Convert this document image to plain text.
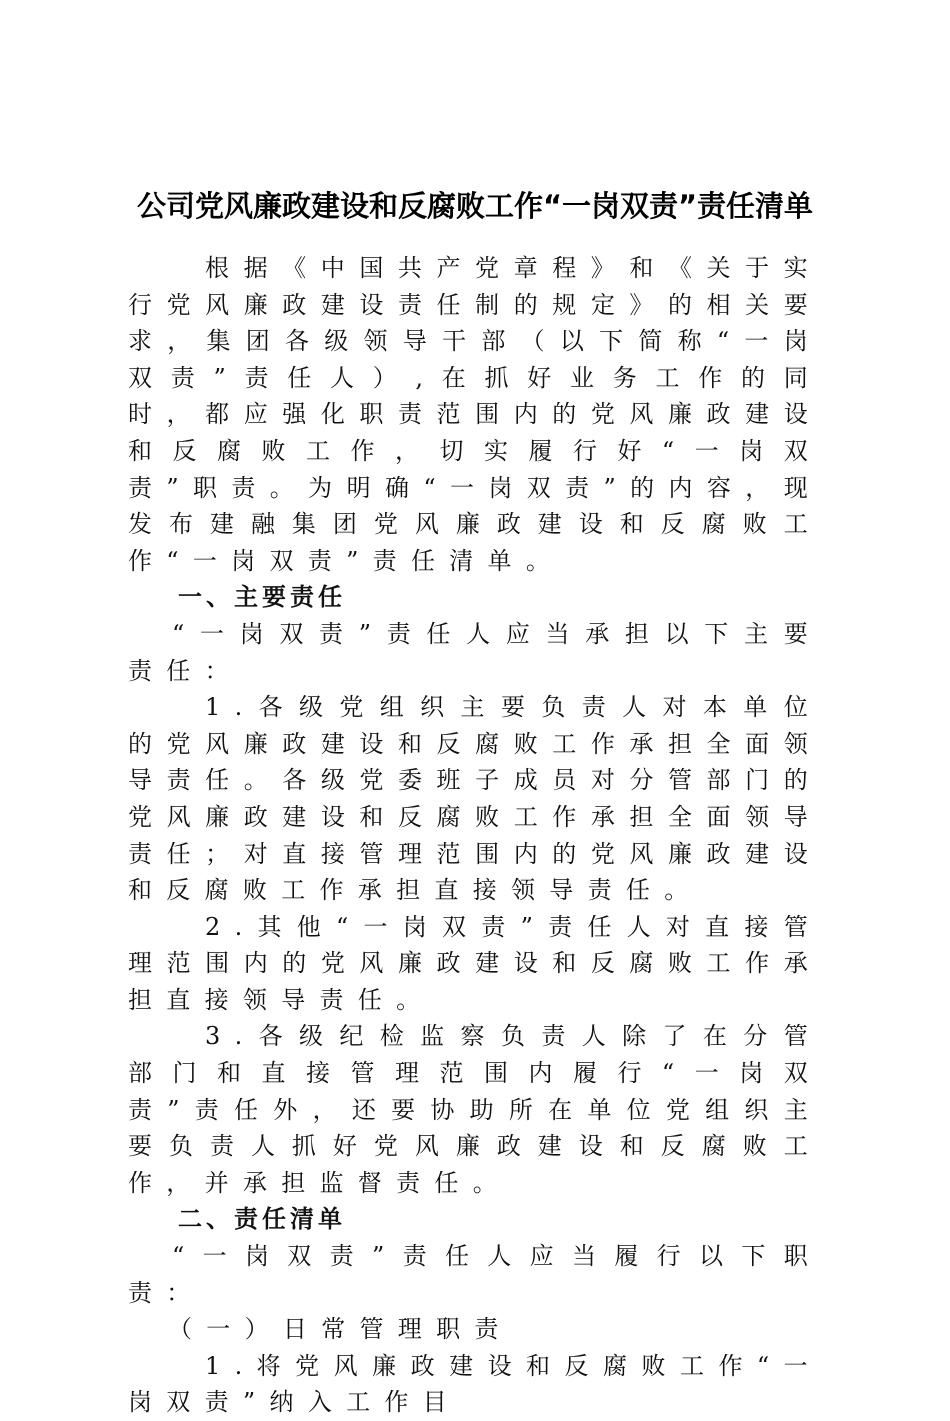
公司党风廉政建设和反腐败工作“一岗双责”责任清单

根据《中国共产党章程》和《关于实行党风廉政建设责任制的规定》的相关要求，集团各级领导干部（以下简称“一岗双责”责任人）,在抓好业务工作的同时，都应强化职责范围内的党风廉政建设和反腐败工作，切实履行好“一岗双责”职责。为明确“一岗双责”的内容，现发布建融集团党风廉政建设和反腐败工作“一岗双责”责任清单。

一、主要责任

“一岗双责”责任人应当承担以下主要责任：

1.各级党组织主要负责人对本单位的党风廉政建设和反腐败工作承担全面领导责任。各级党委班子成员对分管部门的党风廉政建设和反腐败工作承担全面领导责任；对直接管理范围内的党风廉政建设和反腐败工作承担直接领导责任。

2.其他“一岗双责”责任人对直接管理范围内的党风廉政建设和反腐败工作承担直接领导责任。

3.各级纪检监察负责人除了在分管部门和直接管理范围内履行“一岗双责”责任外，还要协助所在单位党组织主要负责人抓好党风廉政建设和反腐败工作，并承担监督责任。

二、责任清单

“一岗双责”责任人应当履行以下职责：

（一）日常管理职责

1.将党风廉政建设和反腐败工作“一岗双责”纳入工作目
